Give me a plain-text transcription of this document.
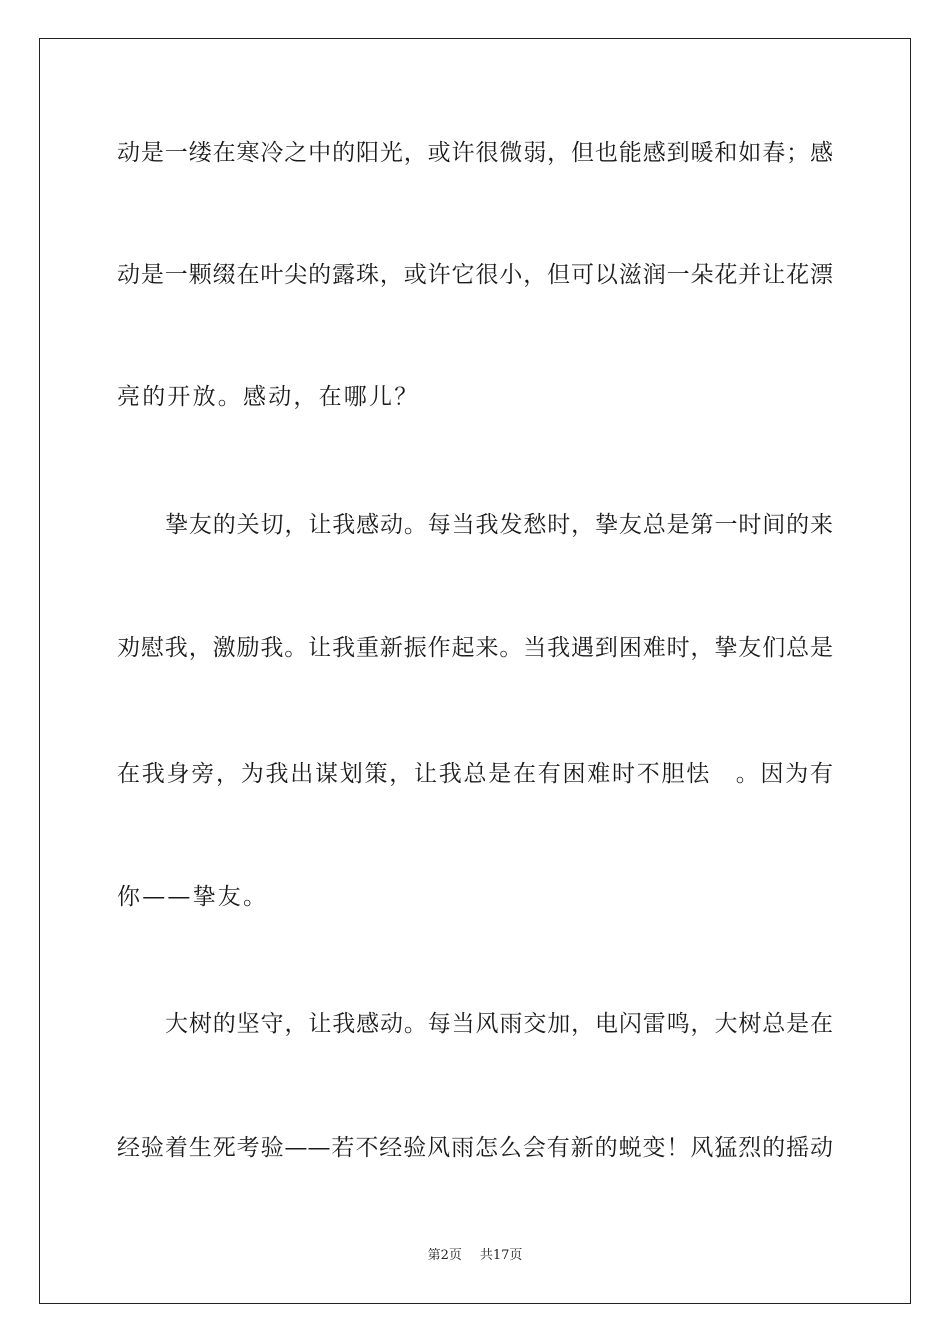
动是一缕在寒冷之中的阳光，或许很微弱，但也能感到暖和如春；感
动是一颗缀在叶尖的露珠，或许它很小，但可以滋润一朵花并让花漂
亮的开放。感动，在哪儿？
挚友的关切，让我感动。每当我发愁时，挚友总是第一时间的来
劝慰我，激励我。让我重新振作起来。当我遇到困难时，挚友们总是
在我身旁，为我出谋划策，让我总是在有困难时不胆怯　。因为有
你——挚友。
大树的坚守，让我感动。每当风雨交加，电闪雷鸣，大树总是在
经验着生死考验——若不经验风雨怎么会有新的蜕变！风猛烈的摇动
第2页 共17页
